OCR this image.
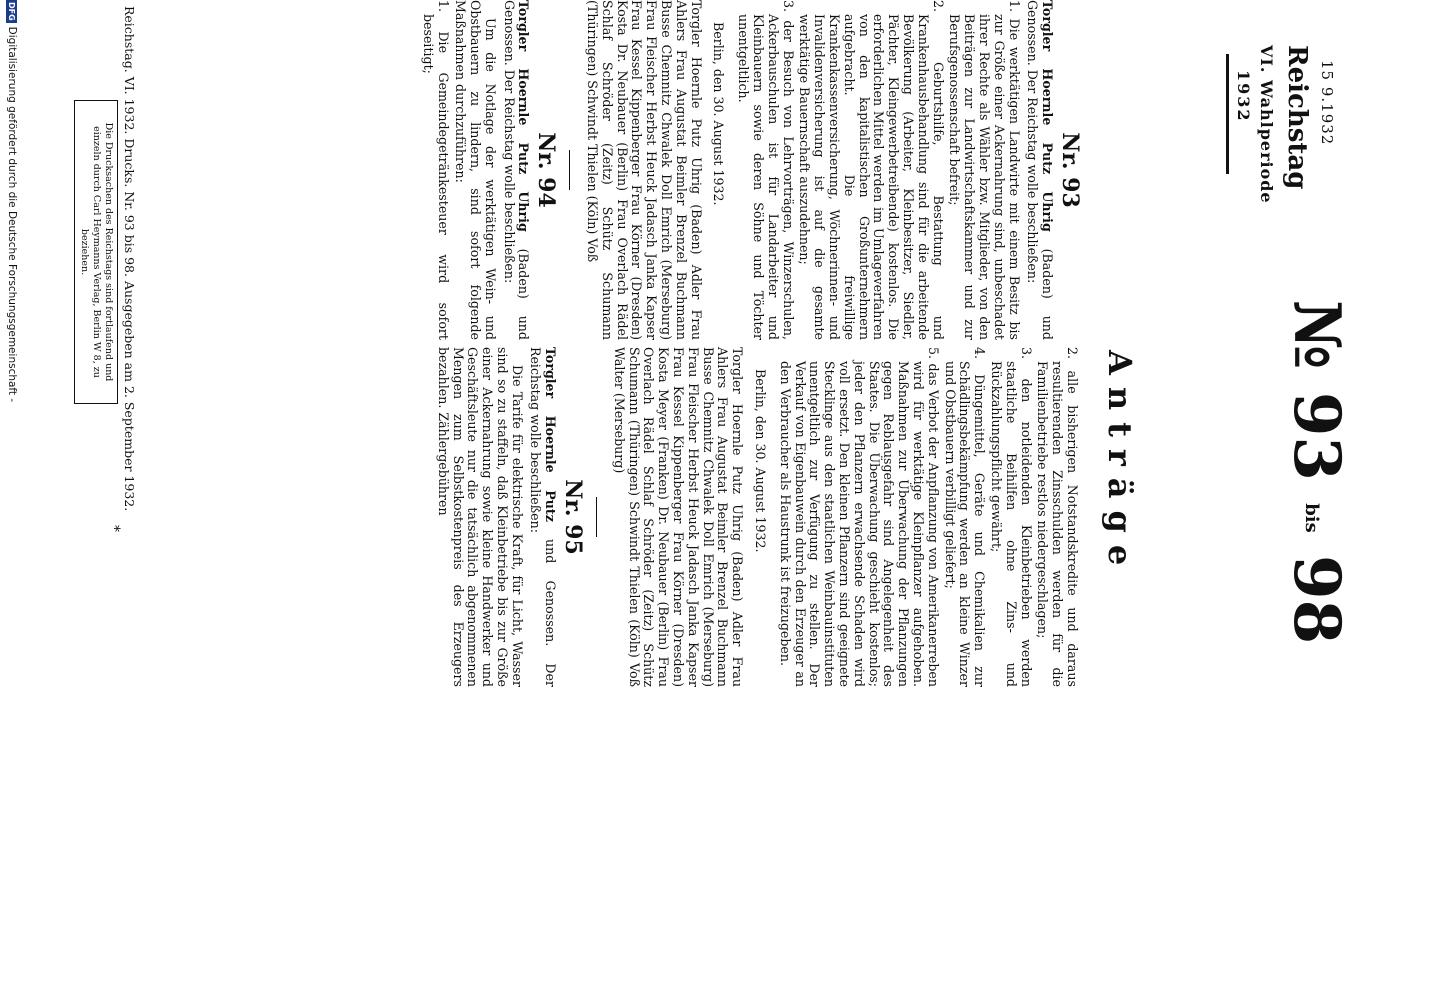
15 9.1932
Reichstag
VI. Wahlperiode
1932
№ 93 bis 98
Anträge
Nr. 93

Torgler Hoernle Putz Uhrig (Baden) und Genossen. Der Reichstag wolle beschließen:

1. Die werktätigen Landwirte mit einem Besitz bis zur Größe einer Ackernahrung sind, unbeschadet ihrer Rechte als Wähler bzw. Mitglieder, von den Beiträgen zur Landwirtschaftskammer und zur Berufsgenossenschaft befreit;

2. Geburtshilfe, Bestattung und Krankenhausbehandlung sind für die arbeitende Bevölkerung (Arbeiter, Kleinbesitzer, Siedler, Pächter, Kleingewerbetreibende) kostenlos. Die erforderlichen Mittel werden im Umlageverfahren von den kapitalistischen Großunternehmern aufgebracht. Die freiwillige Krankenkassenversicherung, Wöchnerinnen- und Invalidenversicherung ist auf die gesamte werktätige Bauernschaft auszudehnen;

3. der Besuch von Lehrvorträgen, Winzerschulen, Ackerbauschulen ist für Landarbeiter und Kleinbauern sowie deren Söhne und Töchter unentgeltlich.

Berlin, den 30. August 1932.

Torgler Hoernle Putz Uhrig (Baden) Adler Frau Ahlers Frau Augustat Beimler Brenzel Buchmann Busse Chemnitz Chwalek Doll Emrich (Merseburg) Frau Fleischer Herbst Heuck Jadasch Janka Kapser Frau Kessel Kippenberger Frau Körner (Dresden) Kosta Dr. Neubauer (Berlin) Frau Overlach Rädel Schlaf Schröder (Zeitz) Schütz Schumann (Thüringen) Schwindt Thielen (Köln) Voß

Nr. 94

Torgler Hoernle Putz Uhrig (Baden) und Genossen. Der Reichstag wolle beschließen:

Um die Notlage der werktätigen Wein- und Obstbauern zu lindern, sind sofort folgende Maßnahmen durchzuführen:

1. Die Gemeindegetränkesteuer wird sofort beseitigt;

2. alle bisherigen Notstandskredite und daraus resultierenden Zinsschulden werden für die Familienbetriebe restlos niedergeschlagen;

3. den notleidenden Kleinbetrieben werden staatliche Beihilfen ohne Zins- und Rückzahlungspflicht gewährt;

4. Düngemittel, Geräte und Chemikalien zur Schädlingsbekämpfung werden an kleine Winzer und Obstbauern verbilligt geliefert;

5. das Verbot der Anpflanzung von Amerikanerreben wird für werktätige Kleinpflanzer aufgehoben. Maßnahmen zur Überwachung der Pflanzungen gegen Reblausgefahr sind Angelegenheit des Staates. Die Überwachung geschieht kostenlos; jeder den Pflanzern erwachsende Schaden wird voll ersetzt. Den kleinen Pflanzern sind geeignete Stecklinge aus den staatlichen Weinbauinstituten unentgeltlich zur Verfügung zu stellen. Der Verkauf von Eigenbauwein durch den Erzeuger an den Verbraucher als Haustrunk ist freizugeben.

Berlin, den 30. August 1932.

Torgler Hoernle Putz Uhrig (Baden) Adler Frau Ahlers Frau Augustat Beimler Brenzel Buchmann Busse Chemnitz Chwalek Doll Emrich (Merseburg) Frau Fleischer Herbst Heuck Jadasch Janka Kapser Frau Kessel Kippenberger Frau Körner (Dresden) Kosta Meyer (Franken) Dr. Neubauer (Berlin) Frau Overlach Rädel Schlaf Schröder (Zeitz) Schütz Schumann (Thüringen) Schwindt Thielen (Köln) Voß Walter (Merseburg)

Nr. 95

Torgler Hoernle Putz und Genossen. Der Reichstag wolle beschließen:

Die Tarife für elektrische Kraft, für Licht, Wasser sind so zu staffeln, daß Kleinbetriebe bis zur Größe einer Ackernahrung sowie kleine Handwerker und Geschäftsleute nur die tatsächlich abgenommenen Mengen zum Selbstkostenpreis des Erzeugers bezahlen. Zählergebühren

Reichstag. VI. 1932. Drucks. Nr. 93 bis 98. Ausgegeben am 2. September 1932.
Die Drucksachen des Reichstags sind fortlaufend und einzeln durch Carl Heymanns Verlag, Berlin W 8, zu beziehen.
*
DFGDigitalisierung gefördert durch die Deutsche Forschungsgemeinschaft -
